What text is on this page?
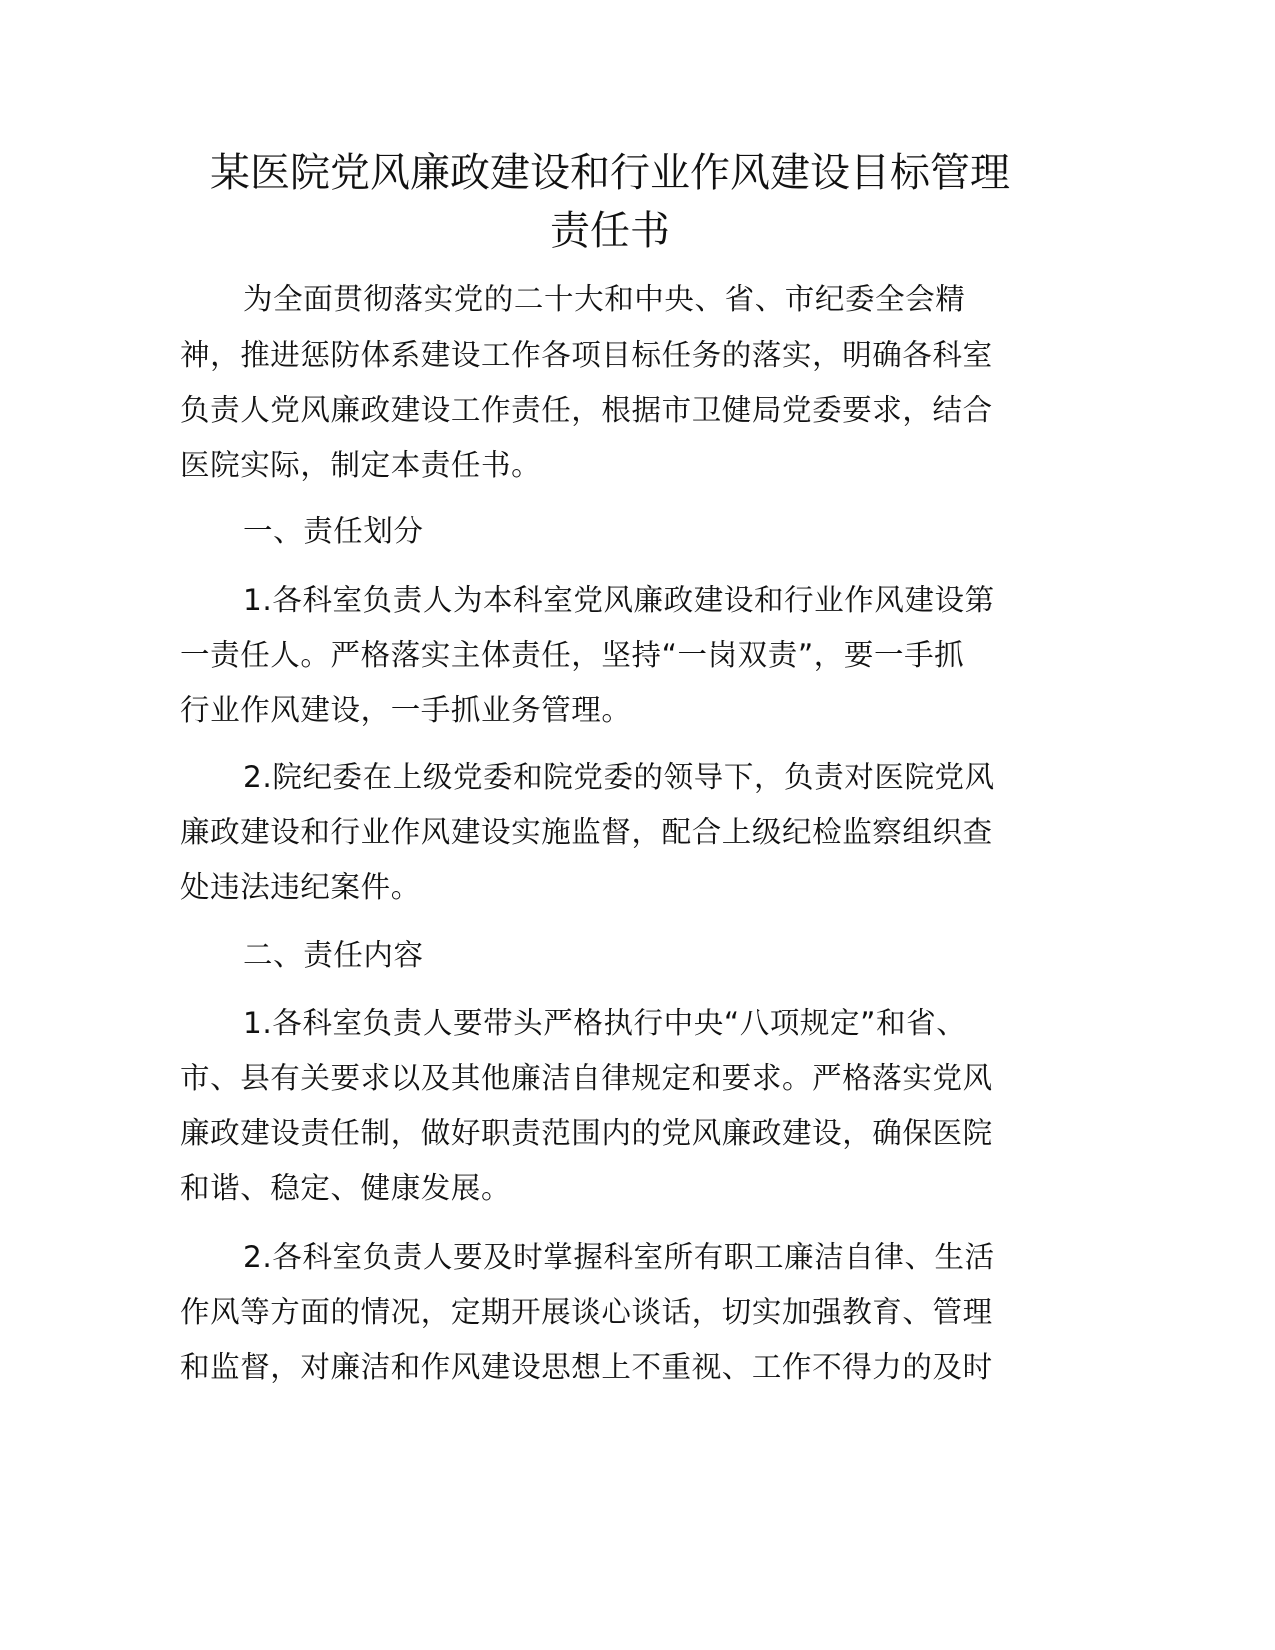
某医院党风廉政建设和行业作风建设目标管理
责任书
为全面贯彻落实党的二十大和中央、省、市纪委全会精
神，推进惩防体系建设工作各项目标任务的落实，明确各科室
负责人党风廉政建设工作责任，根据市卫健局党委要求，结合
医院实际，制定本责任书。
一、责任划分
1.各科室负责人为本科室党风廉政建设和行业作风建设第
一责任人。严格落实主体责任，坚持“一岗双责”，要一手抓
行业作风建设，一手抓业务管理。
2.院纪委在上级党委和院党委的领导下，负责对医院党风
廉政建设和行业作风建设实施监督，配合上级纪检监察组织查
处违法违纪案件。
二、责任内容
1.各科室负责人要带头严格执行中央“八项规定”和省、
市、县有关要求以及其他廉洁自律规定和要求。严格落实党风
廉政建设责任制，做好职责范围内的党风廉政建设，确保医院
和谐、稳定、健康发展。
2.各科室负责人要及时掌握科室所有职工廉洁自律、生活
作风等方面的情况，定期开展谈心谈话，切实加强教育、管理
和监督，对廉洁和作风建设思想上不重视、工作不得力的及时
